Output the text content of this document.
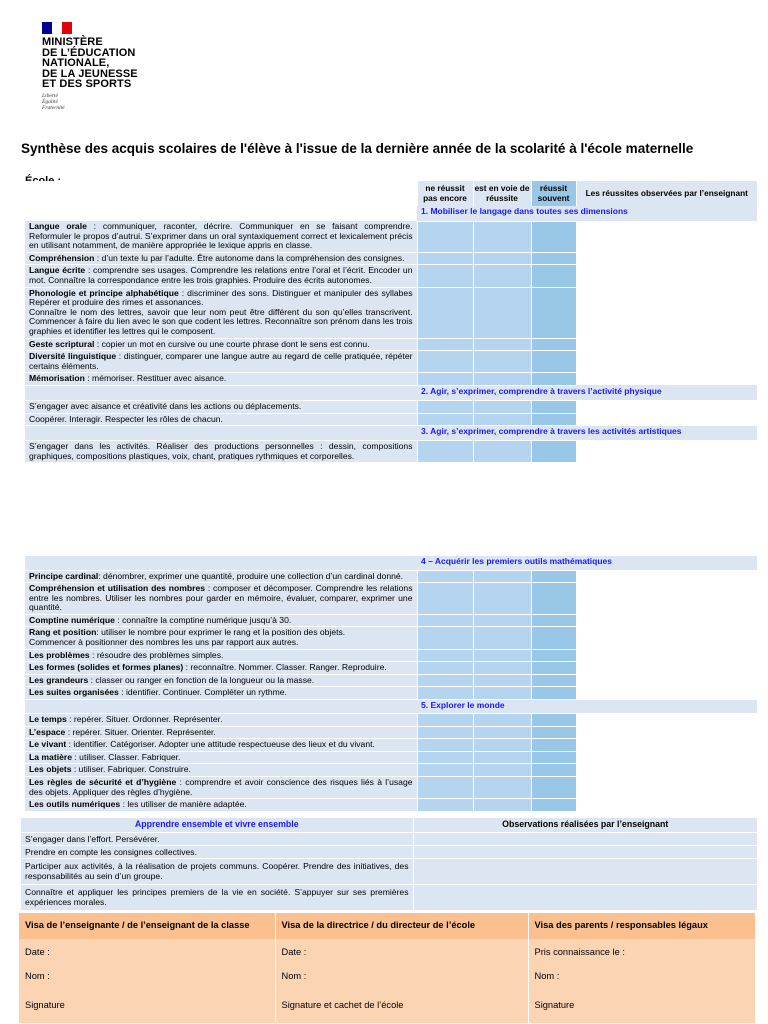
MINISTÈRE
DE L’ÉDUCATION
NATIONALE,
DE LA JEUNESSE
ET DES SPORTS
Liberté
Égalité
Fraternité
Synthèse des acquis scolaires de l'élève à l'issue de la dernière année de la scolarité à l'école maternelle
	ne réussit pas encore	est en voie de réussite	réussit souvent	Les réussites observées par l’enseignant
	1. Mobiliser le langage dans toutes ses dimensions			
Langue orale : communiquer, raconter, décrire. Communiquer en se faisant comprendre. Reformuler le propos d’autrui. S’exprimer dans un oral syntaxiquement correct et lexicalement précis en utilisant notamment, de manière appropriée le lexique appris en classe.				
Compréhension : d’un texte lu par l’adulte. Être autonome dans la compréhension des consignes.				
Langue écrite : comprendre ses usages. Comprendre les relations entre l’oral et l’écrit. Encoder un mot. Connaître la correspondance entre les trois graphies. Produire des écrits autonomes.				
Phonologie et principe alphabétique : discriminer des sons. Distinguer et manipuler des syllabes Repérer et produire des rimes et assonances.
Connaître le nom des lettres, savoir que leur nom peut être différent du son qu’elles transcrivent. Commencer à faire du lien avec le son que codent les lettres. Reconnaître son prénom dans les trois graphies et identifier les lettres qui le composent.				
Geste scriptural : copier un mot en cursive ou une courte phrase dont le sens est connu.				
Diversité linguistique : distinguer, comparer une langue autre au regard de celle pratiquée, répéter certains éléments.				
Mémorisation : mémoriser. Restituer avec aisance.				
	2. Agir, s’exprimer, comprendre à travers l’activité physique			
S’engager avec aisance et créativité dans les actions ou déplacements.				
Coopérer. Interagir. Respecter les rôles de chacun.				
	3. Agir, s’exprimer, comprendre à travers les activités artistiques			
S’engager dans les activités. Réaliser des productions personnelles : dessin, compositions graphiques, compositions plastiques, voix, chant, pratiques rythmiques et corporelles.				
	4 – Acquérir les premiers outils mathématiques			
Principe cardinal: dénombrer, exprimer une quantité, produire une collection d’un cardinal donné.				
Compréhension et utilisation des nombres : composer et décomposer. Comprendre les relations entre les nombres. Utiliser les nombres pour garder en mémoire, évaluer, comparer, exprimer une quantité.				
Comptine numérique : connaître la comptine numérique jusqu’à 30.				
Rang et position: utiliser le nombre pour exprimer le rang et la position des objets.
Commencer à positionner des nombres les uns par rapport aux autres.				
Les problèmes : résoudre des problèmes simples.				
Les formes (solides et formes planes) : reconnaître. Nommer. Classer. Ranger. Reproduire.				
Les grandeurs : classer ou ranger en fonction de la longueur ou la masse.				
Les suites organisées : identifier. Continuer. Compléter un rythme.				
	5. Explorer le monde			
Le temps : repérer. Situer. Ordonner. Représenter.				
L’espace : repérer. Situer. Orienter. Représenter.				
Le vivant : identifier. Catégoriser. Adopter une attitude respectueuse des lieux et du vivant.				
La matière : utiliser. Classer. Fabriquer.				
Les objets : utiliser. Fabriquer. Construire.				
Les règles de sécurité et d’hygiène : comprendre et avoir conscience des risques liés à l’usage des objets. Appliquer des règles d’hygiène.				
Les outils numériques : les utiliser de manière adaptée.				
Apprendre ensemble et vivre ensemble	Observations réalisées par l’enseignant
S’engager dans l’effort. Persévérer.	
Prendre en compte les consignes collectives.	
Participer aux activités, à la réalisation de projets communs. Coopérer. Prendre des initiatives, des responsabilités au sein d’un groupe.	
Connaître et appliquer les principes premiers de la vie en société. S’appuyer sur ses premières expériences morales.	
Visa de l’enseignante / de l’enseignant de la classe	Visa de la directrice / du directeur de l’école	Visa des parents / responsables légaux
Date :	Date :	Pris connaissance le :
Nom :	Nom :	Nom :
Signature	Signature et cachet de l’école	Signature
